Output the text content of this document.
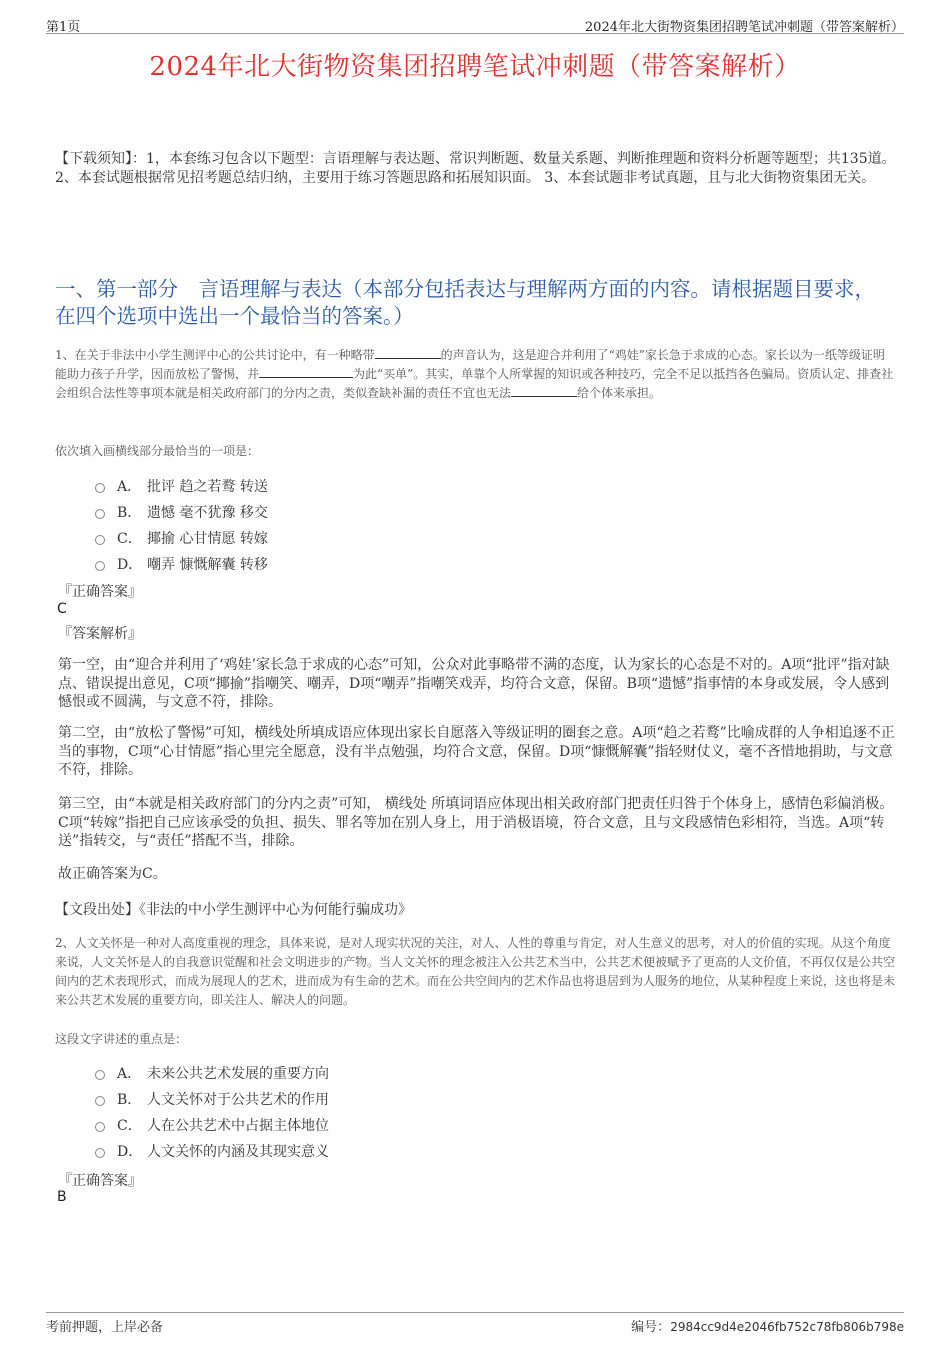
第1页	2024年北大街物资集团招聘笔试冲刺题（带答案解析）
2024年北大街物资集团招聘笔试冲刺题（带答案解析）
【下载须知】：1，本套练习包含以下题型：言语理解与表达题、常识判断题、数量关系题、判断推理题和资料分析题等题型；共135道。 2、本套试题根据常见招考题总结归纳，主要用于练习答题思路和拓展知识面。 3、本套试题非考试真题，且与北大街物资集团无关。
一、第一部分　言语理解与表达（本部分包括表达与理解两方面的内容。请根据题目要求，在四个选项中选出一个最恰当的答案。）
1、在关于非法中小学生测评中心的公共讨论中，有一种略带	的声音认为，这是迎合并利用了“鸡娃”家长急于求成的心态。家长以为一纸等级证明能助力孩子升学，因而放松了警惕，并	为此“买单”。其实，单靠个人所掌握的知识或各种技巧，完全不足以抵挡各色骗局。资质认定、排查社会组织合法性等事项本就是相关政府部门的分内之责，类似查缺补漏的责任不宜也无法	给个体来承担。
依次填入画横线部分最恰当的一项是：
A． 批评 趋之若鹜 转送
B． 遗憾 毫不犹豫 移交
C． 揶揄 心甘情愿 转嫁
D． 嘲弄 慷慨解囊 转移
『正确答案』
C
『答案解析』
第一空，由“迎合并利用了‘鸡娃’家长急于求成的心态”可知，公众对此事略带不满的态度，认为家长的心态是不对的。A项“批评”指对缺点、错误提出意见，C项“揶揄”指嘲笑、嘲弄，D项“嘲弄”指嘲笑戏弄，均符合文意，保留。B项“遗憾”指事情的本身或发展，令人感到憾恨或不圆满，与文意不符，排除。
第二空，由“放松了警惕”可知，横线处所填成语应体现出家长自愿落入等级证明的圈套之意。A项“趋之若鹜”比喻成群的人争相追逐不正当的事物，C项“心甘情愿”指心里完全愿意，没有半点勉强，均符合文意，保留。D项“慷慨解囊”指轻财仗义，毫不吝惜地捐助，与文意不符，排除。
第三空，由“本就是相关政府部门的分内之责”可知， 横线处 所填词语应体现出相关政府部门把责任归咎于个体身上，感情色彩偏消极。C项“转嫁”指把自己应该承受的负担、损失、罪名等加在别人身上，用于消极语境，符合文意，且与文段感情色彩相符，当选。A项“转送”指转交，与“责任”搭配不当，排除。
故正确答案为C。
【文段出处】《非法的中小学生测评中心为何能行骗成功》
2、人文关怀是一种对人高度重视的理念，具体来说，是对人现实状况的关注，对人、人性的尊重与肯定，对人生意义的思考，对人的价值的实现。从这个角度来说，人文关怀是人的自我意识觉醒和社会文明进步的产物。当人文关怀的理念被注入公共艺术当中，公共艺术便被赋予了更高的人文价值，不再仅仅是公共空间内的艺术表现形式，而成为展现人的艺术，进而成为有生命的艺术。而在公共空间内的艺术作品也将退居到为人服务的地位，从某种程度上来说，这也将是未来公共艺术发展的重要方向，即关注人、解决人的问题。
这段文字讲述的重点是：
A． 未来公共艺术发展的重要方向
B． 人文关怀对于公共艺术的作用
C． 人在公共艺术中占据主体地位
D． 人文关怀的内涵及其现实意义
『正确答案』
B
考前押题，上岸必备	编号：2984cc9d4e2046fb752c78fb806b798e
